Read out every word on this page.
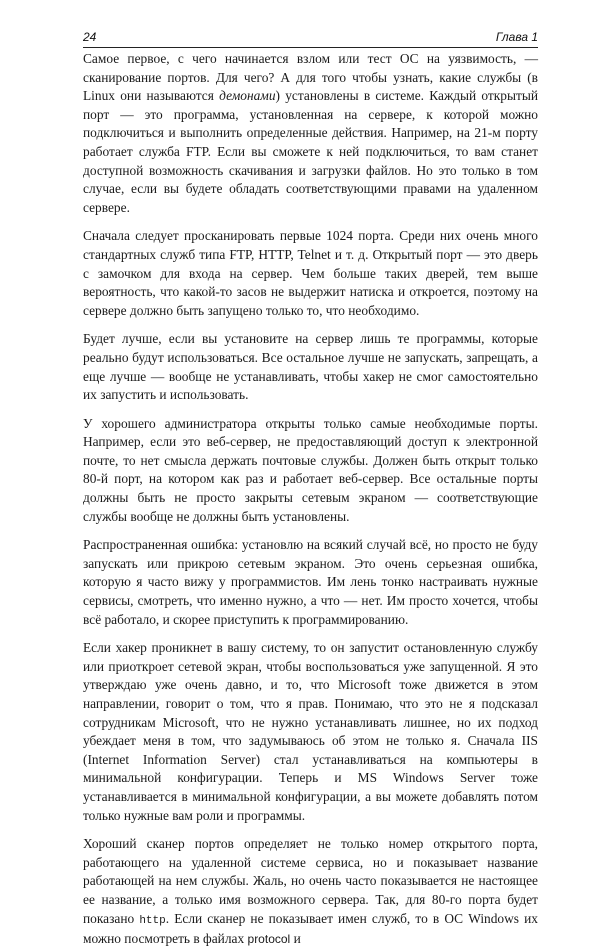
24	Глава 1

Самое первое, с чего начинается взлом или тест ОС на уязвимость, — сканирование портов. Для чего? А для того чтобы узнать, какие службы (в Linux они называются демонами) установлены в системе. Каждый открытый порт — это программа, установленная на сервере, к которой можно подключиться и выполнить определенные действия. Например, на 21-м порту работает служба FTP. Если вы сможете к ней подключиться, то вам станет доступной возможность скачивания и загрузки файлов. Но это только в том случае, если вы будете обладать соответствующими правами на удаленном сервере.

Сначала следует просканировать первые 1024 порта. Среди них очень много стандартных служб типа FTP, HTTP, Telnet и т. д. Открытый порт — это дверь с замочком для входа на сервер. Чем больше таких дверей, тем выше вероятность, что какой-то засов не выдержит натиска и откроется, поэтому на сервере должно быть запущено только то, что необходимо.

Будет лучше, если вы установите на сервер лишь те программы, которые реально будут использоваться. Все остальное лучше не запускать, запрещать, а еще лучше — вообще не устанавливать, чтобы хакер не смог самостоятельно их запустить и использовать.

У хорошего администратора открыты только самые необходимые порты. Например, если это веб-сервер, не предоставляющий доступ к электронной почте, то нет смысла держать почтовые службы. Должен быть открыт только 80-й порт, на котором как раз и работает веб-сервер. Все остальные порты должны быть не просто закрыты сетевым экраном — соответствующие службы вообще не должны быть установлены.

Распространенная ошибка: установлю на всякий случай всё, но просто не буду запускать или прикрою сетевым экраном. Это очень серьезная ошибка, которую я часто вижу у программистов. Им лень тонко настраивать нужные сервисы, смотреть, что именно нужно, а что — нет. Им просто хочется, чтобы всё работало, и скорее приступить к программированию.

Если хакер проникнет в вашу систему, то он запустит остановленную службу или приоткроет сетевой экран, чтобы воспользоваться уже запущенной. Я это утверждаю уже очень давно, и то, что Microsoft тоже движется в этом направлении, говорит о том, что я прав. Понимаю, что это не я подсказал сотрудникам Microsoft, что не нужно устанавливать лишнее, но их подход убеждает меня в том, что задумываюсь об этом не только я. Сначала IIS (Internet Information Server) стал устанавливаться на компьютеры в минимальной конфигурации. Теперь и MS Windows Server тоже устанавливается в минимальной конфигурации, а вы можете добавлять потом только нужные вам роли и программы.

Хороший сканер портов определяет не только номер открытого порта, работающего на удаленной системе сервиса, но и показывает название работающей на нем службы. Жаль, но очень часто показывается не настоящее ее название, а только имя возможного сервера. Так, для 80-го порта будет показано http. Если сканер не показывает имен служб, то в ОС Windows их можно посмотреть в файлах protocol и
